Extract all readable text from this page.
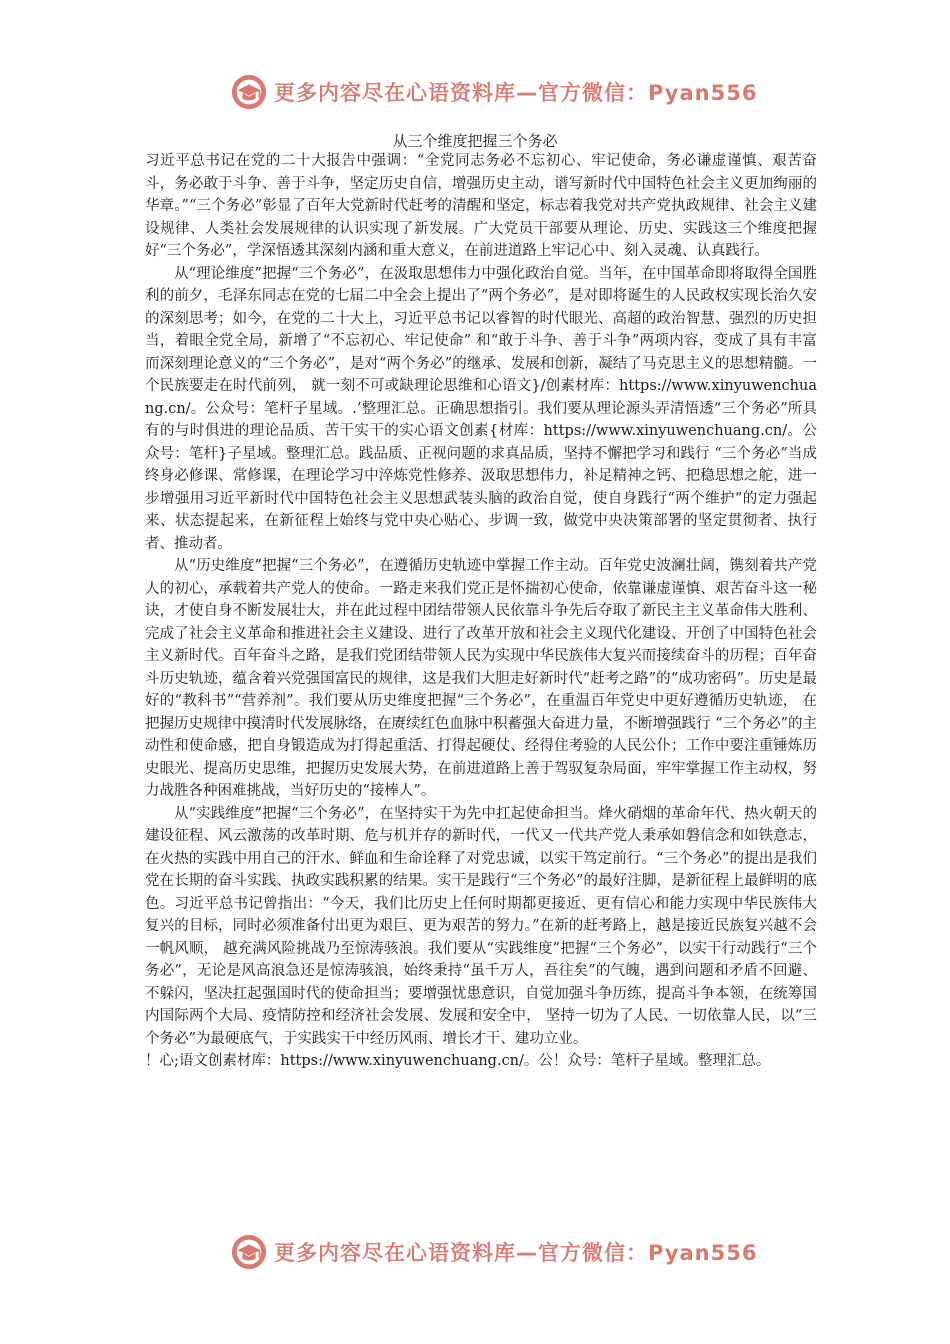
更多内容尽在心语资料库—官方微信：Pyan556
从三个维度把握三个务必

习近平总书记在党的二十大报告中强调：“全党同志务必不忘初心、牢记使命，务必谦虚谨慎、艰苦奋斗，务必敢于斗争、善于斗争，坚定历史自信，增强历史主动，谱写新时代中国特色社会主义更加绚丽的华章。”“三个务必”彰显了百年大党新时代赶考的清醒和坚定，标志着我党对共产党执政规律、社会主义建设规律、人类社会发展规律的认识实现了新发展。广大党员干部要从理论、历史、实践这三个维度把握好“三个务必”，学深悟透其深刻内涵和重大意义，在前进道路上牢记心中、刻入灵魂、认真践行。

从“理论维度”把握“三个务必”，在汲取思想伟力中强化政治自觉。当年，在中国革命即将取得全国胜利的前夕，毛泽东同志在党的七届二中全会上提出了“两个务必”，是对即将诞生的人民政权实现长治久安的深刻思考；如今，在党的二十大上，习近平总书记以睿智的时代眼光、高超的政治智慧、强烈的历史担当，着眼全党全局，新增了“不忘初心、牢记使命” 和“敢于斗争、善于斗争”两项内容，变成了具有丰富而深刻理论意义的“三个务必”，是对“两个务必”的继承、发展和创新，凝结了马克思主义的思想精髓。一个民族要走在时代前列， 就一刻不可或缺理论思维和心语文}/创素材库：https://www.xinyuwenchuang.cn/。公众号：笔杆子星域。.’整理汇总。正确思想指引。我们要从理论源头弄清悟透“三个务必”所具有的与时俱进的理论品质、苦干实干的实心语文创素{材库：https://www.xinyuwenchuang.cn/。公众号：笔杆}子星域。整理汇总。践品质、正视问题的求真品质，坚持不懈把学习和践行 “三个务必”当成终身必修课、常修课，在理论学习中淬炼党性修养、汲取思想伟力，补足精神之钙、把稳思想之舵，进一步增强用习近平新时代中国特色社会主义思想武装头脑的政治自觉，使自身践行“两个维护”的定力强起来、状态提起来，在新征程上始终与党中央心贴心、步调一致，做党中央决策部署的坚定贯彻者、执行者、推动者。

从“历史维度”把握“三个务必”，在遵循历史轨迹中掌握工作主动。百年党史波澜壮阔，镌刻着共产党人的初心，承载着共产党人的使命。一路走来我们党正是怀揣初心使命，依靠谦虚谨慎、艰苦奋斗这一秘诀，才使自身不断发展壮大，并在此过程中团结带领人民依靠斗争先后夺取了新民主主义革命伟大胜利、完成了社会主义革命和推进社会主义建设、进行了改革开放和社会主义现代化建设、开创了中国特色社会主义新时代。百年奋斗之路，是我们党团结带领人民为实现中华民族伟大复兴而接续奋斗的历程；百年奋斗历史轨迹，蕴含着兴党强国富民的规律，这是我们大胆走好新时代“赶考之路”的“成功密码”。历史是最好的“教科书”“营养剂”。我们要从历史维度把握“三个务必”，在重温百年党史中更好遵循历史轨迹， 在把握历史规律中摸清时代发展脉络，在赓续红色血脉中积蓄强大奋进力量，不断增强践行 “三个务必”的主动性和使命感，把自身锻造成为打得起重活、打得起硬仗、经得住考验的人民公仆；工作中要注重锤炼历史眼光、提高历史思维，把握历史发展大势，在前进道路上善于驾驭复杂局面，牢牢掌握工作主动权，努力战胜各种困难挑战，当好历史的“接棒人”。

从“实践维度”把握“三个务必”，在坚持实干为先中扛起使命担当。烽火硝烟的革命年代、热火朝天的建设征程、风云激荡的改革时期、危与机并存的新时代，一代又一代共产党人秉承如磐信念和如铁意志，在火热的实践中用自己的汗水、鲜血和生命诠释了对党忠诚，以实干笃定前行。“三个务必”的提出是我们党在长期的奋斗实践、执政实践积累的结果。实干是践行“三个务必”的最好注脚，是新征程上最鲜明的底色。习近平总书记曾指出：“今天，我们比历史上任何时期都更接近、更有信心和能力实现中华民族伟大复兴的目标，同时必须准备付出更为艰巨、更为艰苦的努力。”在新的赶考路上，越是接近民族复兴越不会一帆风顺， 越充满风险挑战乃至惊涛骇浪。我们要从“实践维度”把握“三个务必”，以实干行动践行“三个务必”，无论是风高浪急还是惊涛骇浪，始终秉持“虽千万人，吾往矣”的气魄，遇到问题和矛盾不回避、不躲闪，坚决扛起强国时代的使命担当；要增强忧患意识，自觉加强斗争历练，提高斗争本领，在统筹国内国际两个大局、疫情防控和经济社会发展、发展和安全中， 坚持一切为了人民、一切依靠人民，以“三个务必”为最硬底气，于实践实干中经历风雨、增长才干、建功立业。

！心;语文创素材库：https://www.xinyuwenchuang.cn/。公！众号：笔杆子星域。整理汇总。

更多内容尽在心语资料库—官方微信：Pyan556
